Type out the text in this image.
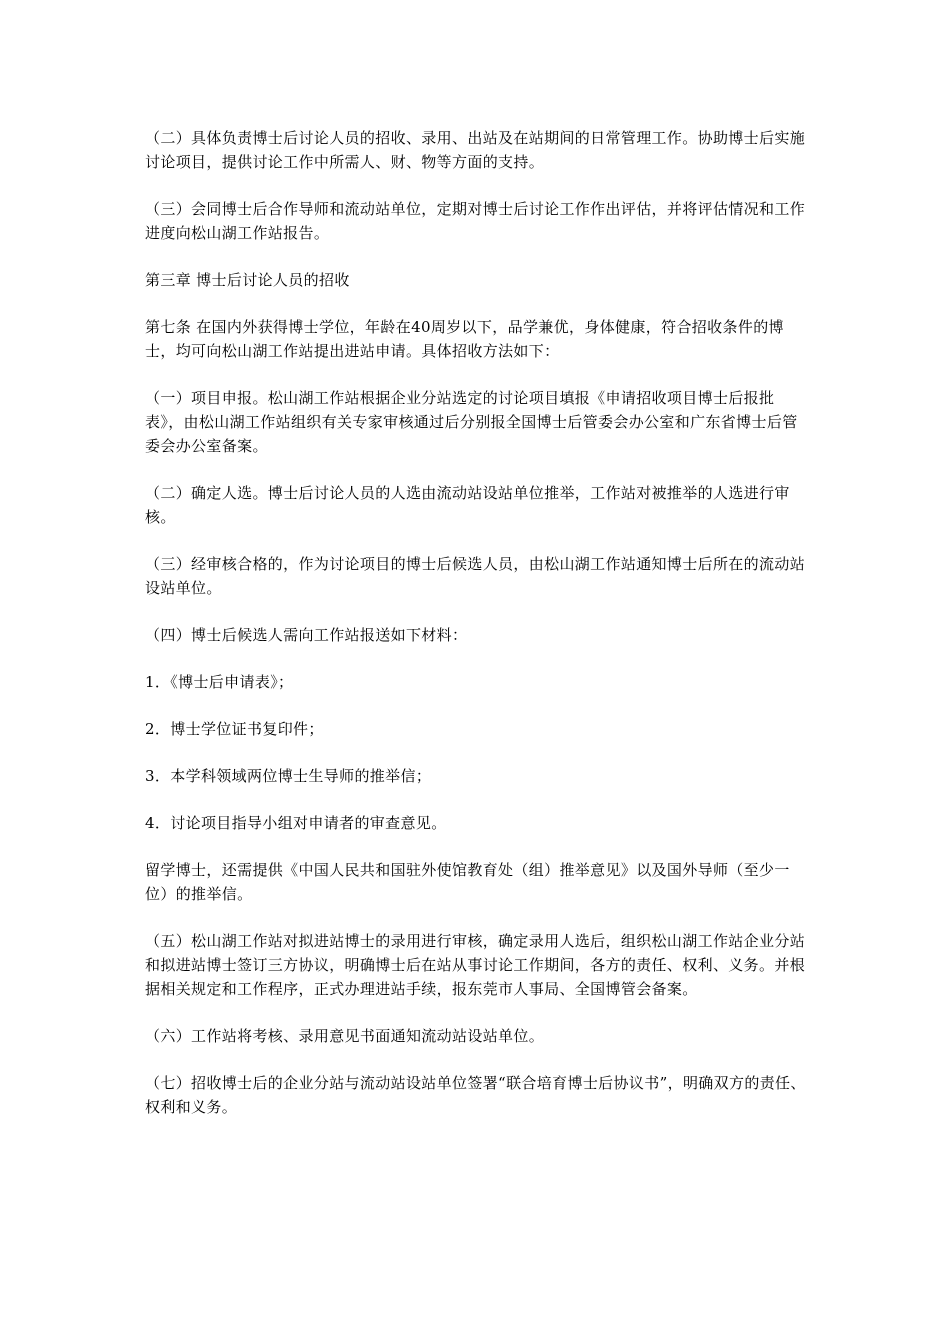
（二）具体负责博士后讨论人员的招收、录用、出站及在站期间的日常管理工作。协助博士后实施讨论项目，提供讨论工作中所需人、财、物等方面的支持。

（三）会同博士后合作导师和流动站单位，定期对博士后讨论工作作出评估，并将评估情况和工作进度向松山湖工作站报告。

第三章 博士后讨论人员的招收

第七条 在国内外获得博士学位，年龄在40周岁以下，品学兼优，身体健康，符合招收条件的博士，均可向松山湖工作站提出进站申请。具体招收方法如下：

（一）项目申报。松山湖工作站根据企业分站选定的讨论项目填报《申请招收项目博士后报批表》，由松山湖工作站组织有关专家审核通过后分别报全国博士后管委会办公室和广东省博士后管委会办公室备案。

（二）确定人选。博士后讨论人员的人选由流动站设站单位推举，工作站对被推举的人选进行审核。

（三）经审核合格的，作为讨论项目的博士后候选人员，由松山湖工作站通知博士后所在的流动站设站单位。

（四）博士后候选人需向工作站报送如下材料：

1．《博士后申请表》；

2．博士学位证书复印件；

3．本学科领域两位博士生导师的推举信；

4．讨论项目指导小组对申请者的审查意见。

留学博士，还需提供《中国人民共和国驻外使馆教育处（组）推举意见》以及国外导师（至少一位）的推举信。

（五）松山湖工作站对拟进站博士的录用进行审核，确定录用人选后，组织松山湖工作站企业分站和拟进站博士签订三方协议，明确博士后在站从事讨论工作期间，各方的责任、权利、义务。并根据相关规定和工作程序，正式办理进站手续，报东莞市人事局、全国博管会备案。

（六）工作站将考核、录用意见书面通知流动站设站单位。

（七）招收博士后的企业分站与流动站设站单位签署“联合培育博士后协议书”，明确双方的责任、权利和义务。
